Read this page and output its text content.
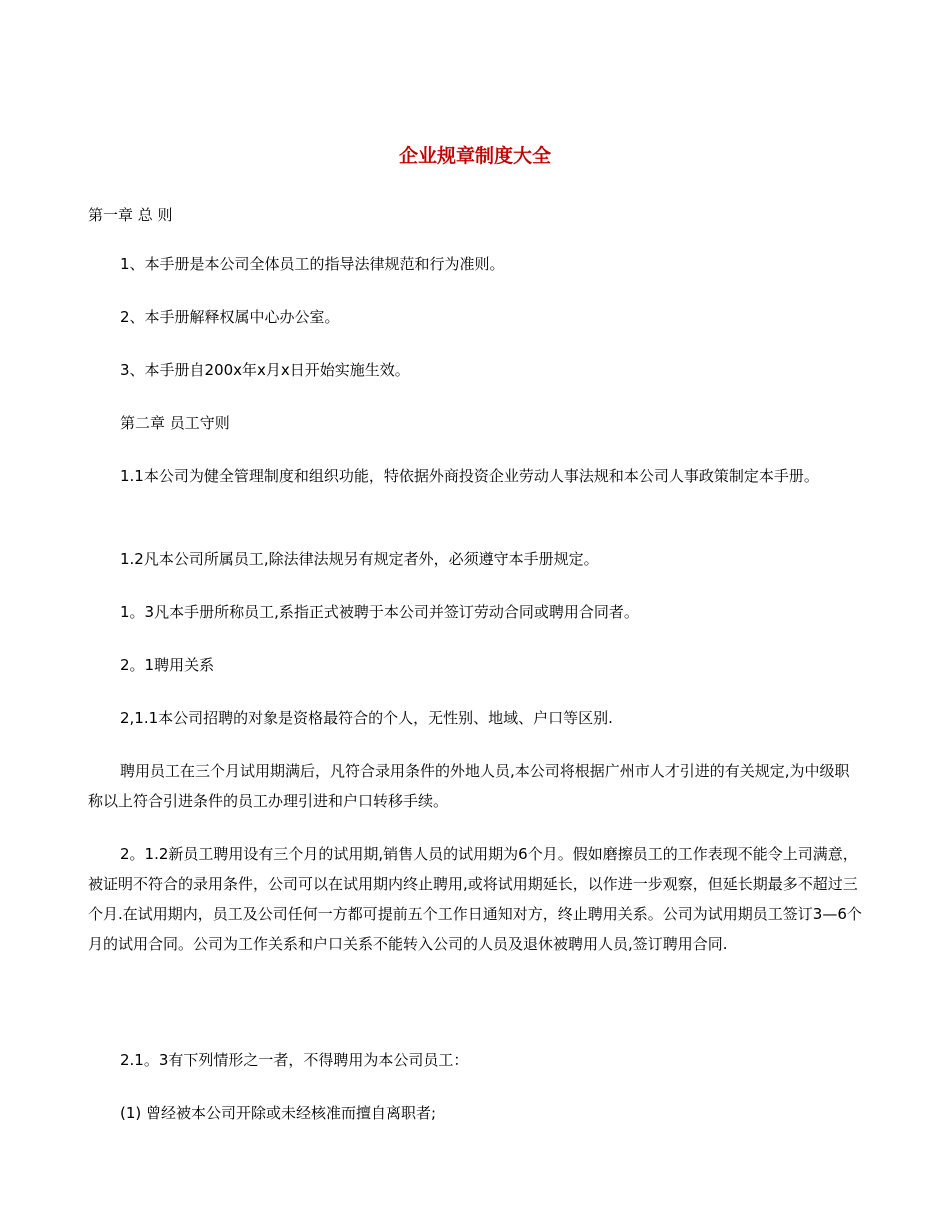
企业规章制度大全

第一章 总 则

1、本手册是本公司全体员工的指导法律规范和行为准则。

2、本手册解释权属中心办公室。

3、本手册自200x年x月x日开始实施生效。

第二章 员工守则

1.1本公司为健全管理制度和组织功能，特依据外商投资企业劳动人事法规和本公司人事政策制定本手册。

1.2凡本公司所属员工,除法律法规另有规定者外，必须遵守本手册规定。

1。3凡本手册所称员工,系指正式被聘于本公司并签订劳动合同或聘用合同者。

2。1聘用关系

2,1.1本公司招聘的对象是资格最符合的个人，无性别、地域、户口等区别.

聘用员工在三个月试用期满后，凡符合录用条件的外地人员,本公司将根据广州市人才引进的有关规定,为中级职称以上符合引进条件的员工办理引进和户口转移手续。

2。1.2新员工聘用设有三个月的试用期,销售人员的试用期为6个月。假如磨擦员工的工作表现不能令上司满意，被证明不符合的录用条件，公司可以在试用期内终止聘用,或将试用期延长，以作进一步观察，但延长期最多不超过三个月.在试用期内，员工及公司任何一方都可提前五个工作日通知对方，终止聘用关系。公司为试用期员工签订3—6个月的试用合同。公司为工作关系和户口关系不能转入公司的人员及退休被聘用人员,签订聘用合同.

2.1。3有下列情形之一者，不得聘用为本公司员工：

(1) 曾经被本公司开除或未经核准而擅自离职者;
